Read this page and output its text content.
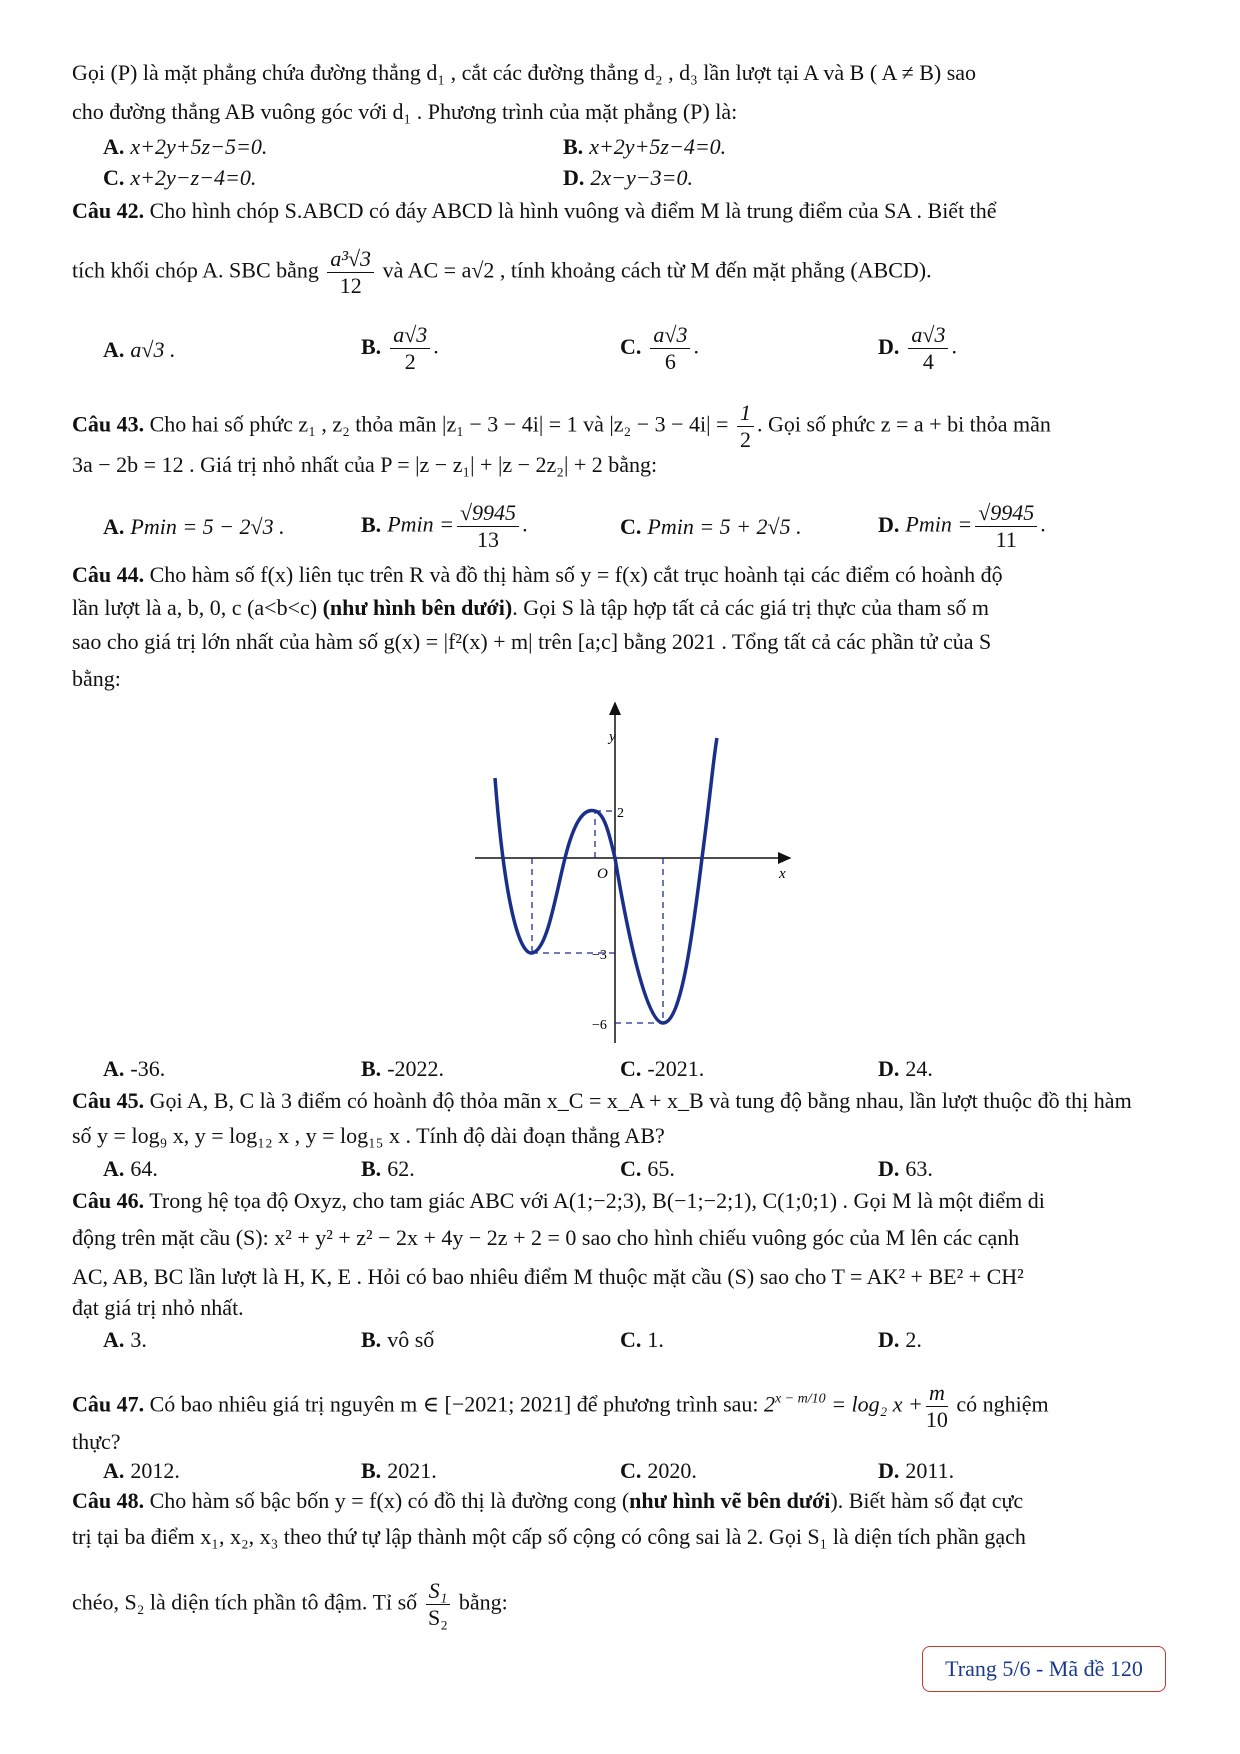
Gọi (P) là mặt phẳng chứa đường thẳng d₁ , cắt các đường thẳng d₂ , d₃ lần lượt tại A và B ( A ≠ B) sao
cho đường thẳng AB vuông góc với d₁ . Phương trình của mặt phẳng (P) là:
A. x+2y+5z−5=0.	B. x+2y+5z−4=0.
C. x+2y−z−4=0.	D. 2x−y−3=0.
Câu 42. Cho hình chóp S.ABCD có đáy ABCD là hình vuông và điểm M là trung điểm của SA . Biết thể
tích khối chóp A. SBC bằng $\frac{\text{a³√3}}{12}$ và AC = a√2 , tính khoảng cách từ M đến mặt phẳng (ABCD).
A. a√3 .	B. $\frac{a√3}{2}$ .	C. $\frac{a√3}{6}$ .	D. $\frac{a√3}{4}$ .
Câu 43. Cho hai số phức z₁ , z₂ thỏa mãn |z₁ − 3 − 4i| = 1 và $|z_2 - 3 - 4i| = \frac{1}{2}$ . Gọi số phức z = a + bi thỏa mãn
3a − 2b = 12 . Giá trị nhỏ nhất của P = |z − z₁| + |z − 2z₂| + 2 bằng:
A. Pmin = 5 − 2√3 .	B. $Pmin = \frac{√9945}{13}$ .	C. Pmin = 5 + 2√5 .	D. $Pmin = \frac{√9945}{11}$ .
Câu 44. Cho hàm số f(x) liên tục trên R và đồ thị hàm số y = f(x) cắt trục hoành tại các điểm có hoành độ
lần lượt là a, b, 0, c (a<b<c) (như hình bên dưới). Gọi S là tập hợp tất cả các giá trị thực của tham số m
sao cho giá trị lớn nhất của hàm số g(x) = |f²(x) + m| trên [a;c] bằng 2021 . Tổng tất cả các phần tử của S
bằng:
y
x
O
2
−3
−6
A. -36.	B. -2022.	C. -2021.	D. 24.
Câu 45. Gọi A, B, C là 3 điểm có hoành độ thỏa mãn x_C = x_A + x_B và tung độ bằng nhau, lần lượt thuộc đồ thị hàm
số y = log₉ x, y = log₁₂ x , y = log₁₅ x . Tính độ dài đoạn thẳng AB?
A. 64.	B. 62.	C. 65.	D. 63.
Câu 46. Trong hệ tọa độ Oxyz, cho tam giác ABC với A(1;−2;3), B(−1;−2;1), C(1;0;1) . Gọi M là một điểm di
động trên mặt cầu (S): x² + y² + z² − 2x + 4y − 2z + 2 = 0 sao cho hình chiếu vuông góc của M lên các cạnh
AC, AB, BC lần lượt là H, K, E . Hỏi có bao nhiêu điểm M thuộc mặt cầu (S) sao cho T = AK² + BE² + CH²
đạt giá trị nhỏ nhất.
A. 3.	B. vô số	C. 1.	D. 2.
Câu 47. Có bao nhiêu giá trị nguyên m ∈ [−2021; 2021] để phương trình sau: $2^{x - m/10} = \log_2$ $x + \frac{m}{10}$ có nghiệm
thực?
A. 2012.	B. 2021.	C. 2020.	D. 2011.
Câu 48. Cho hàm số bậc bốn y = f(x) có đồ thị là đường cong (như hình vẽ bên dưới). Biết hàm số đạt cực
trị tại ba điểm x₁, x₂, x₃ theo thứ tự lập thành một cấp số cộng có công sai là 2. Gọi S₁ là diện tích phần gạch
chéo, S₂ là diện tích phần tô đậm. Tỉ số $\frac{\text{S₁}}{\text{S₂}}$ bằng:
Trang 5/6 - Mã đề 120
